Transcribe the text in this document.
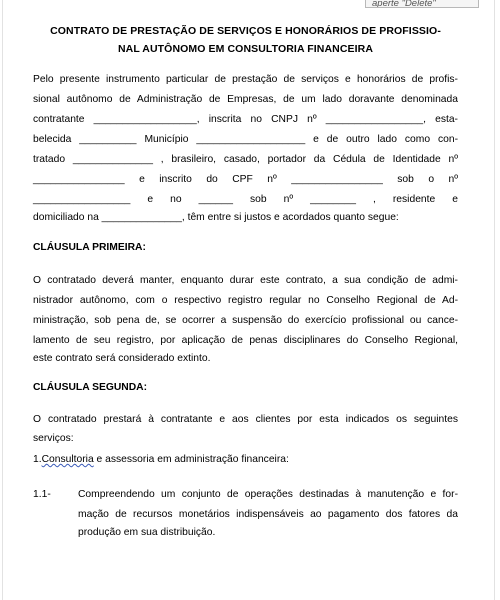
aperte "Delete"
CONTRATO DE PRESTAÇÃO DE SERVIÇOS E HONORÁRIOS DE PROFISSIO-
NAL AUTÔNOMO EM CONSULTORIA FINANCEIRA
Pelo presente instrumento particular de prestação de serviços e honorários de profis-
sional autônomo de Administração de Empresas, de um lado doravante denominada
contratante __________________, inscrita no CNPJ nº _________________, esta-
belecida __________ Município ___________________ e de outro lado como con-
tratado ______________ , brasileiro, casado, portador da Cédula de Identidade nº
________________ e inscrito do CPF nº ________________ sob o nº
_________________ e no ______ sob nº ________ , residente e
domiciliado na ______________, têm entre si justos e acordados quanto segue:
CLÁUSULA PRIMEIRA:
O contratado deverá manter, enquanto durar este contrato, a sua condição de admi-
nistrador autônomo, com o respectivo registro regular no Conselho Regional de Ad-
ministração, sob pena de, se ocorrer a suspensão do exercício profissional ou cance-
lamento de seu registro, por aplicação de penas disciplinares do Conselho Regional,
este contrato será considerado extinto.
CLÁUSULA SEGUNDA:
O contratado prestará à contratante e aos clientes por esta indicados os seguintes
serviços:
1.Consultoria e assessoria em administração financeira:
1.1-	Compreendendo um conjunto de operações destinadas à manutenção e for-
mação de recursos monetários indispensáveis ao pagamento dos fatores da
produção em sua distribuição.
